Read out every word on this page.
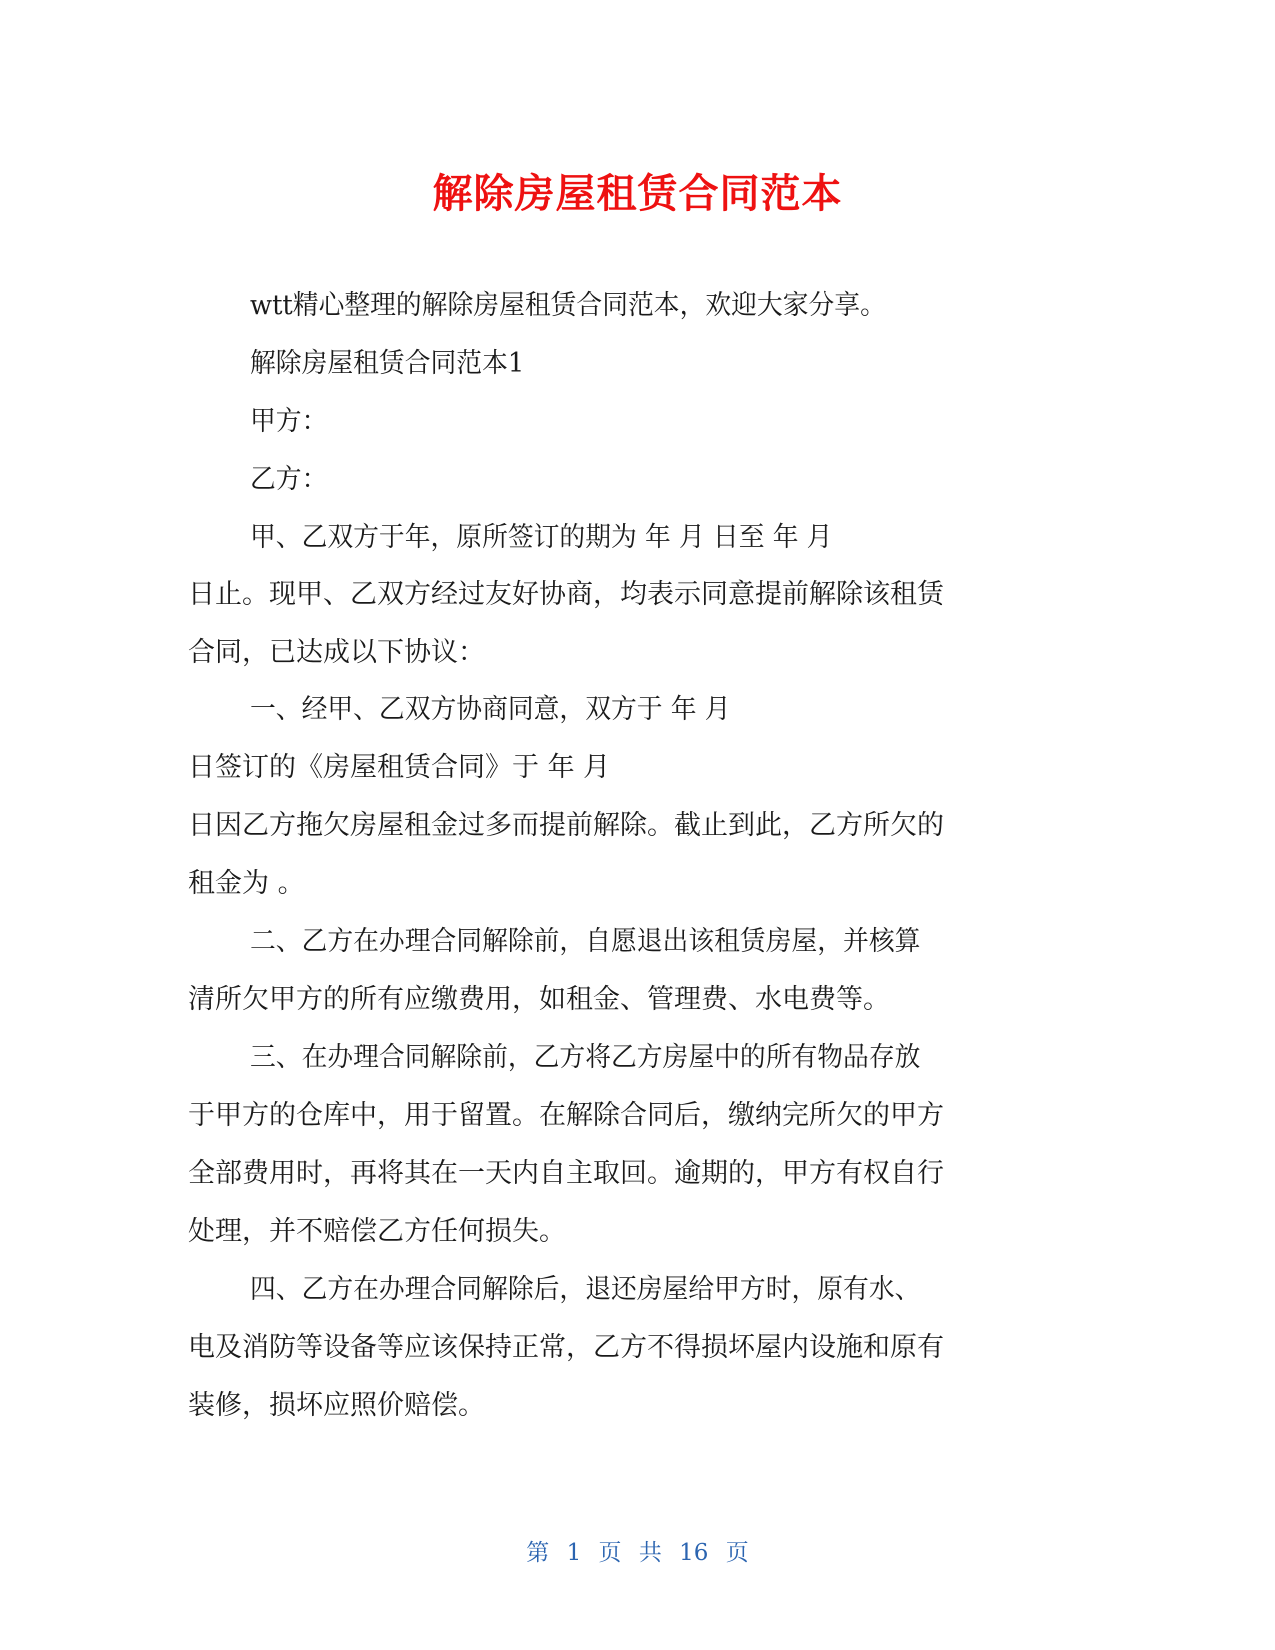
解除房屋租赁合同范本
wtt精心整理的解除房屋租赁合同范本，欢迎大家分享。
解除房屋租赁合同范本1
甲方：
乙方：
甲、乙双方于年，原所签订的期为 年 月 日至 年 月
日止。现甲、乙双方经过友好协商，均表示同意提前解除该租赁
合同，已达成以下协议：
一、经甲、乙双方协商同意，双方于 年 月
日签订的《房屋租赁合同》于 年 月
日因乙方拖欠房屋租金过多而提前解除。截止到此，乙方所欠的
租金为 。
二、乙方在办理合同解除前，自愿退出该租赁房屋，并核算
清所欠甲方的所有应缴费用，如租金、管理费、水电费等。
三、在办理合同解除前，乙方将乙方房屋中的所有物品存放
于甲方的仓库中，用于留置。在解除合同后，缴纳完所欠的甲方
全部费用时，再将其在一天内自主取回。逾期的，甲方有权自行
处理，并不赔偿乙方任何损失。
四、乙方在办理合同解除后，退还房屋给甲方时，原有水、
电及消防等设备等应该保持正常，乙方不得损坏屋内设施和原有
装修，损坏应照价赔偿。
第 1 页 共 16 页
